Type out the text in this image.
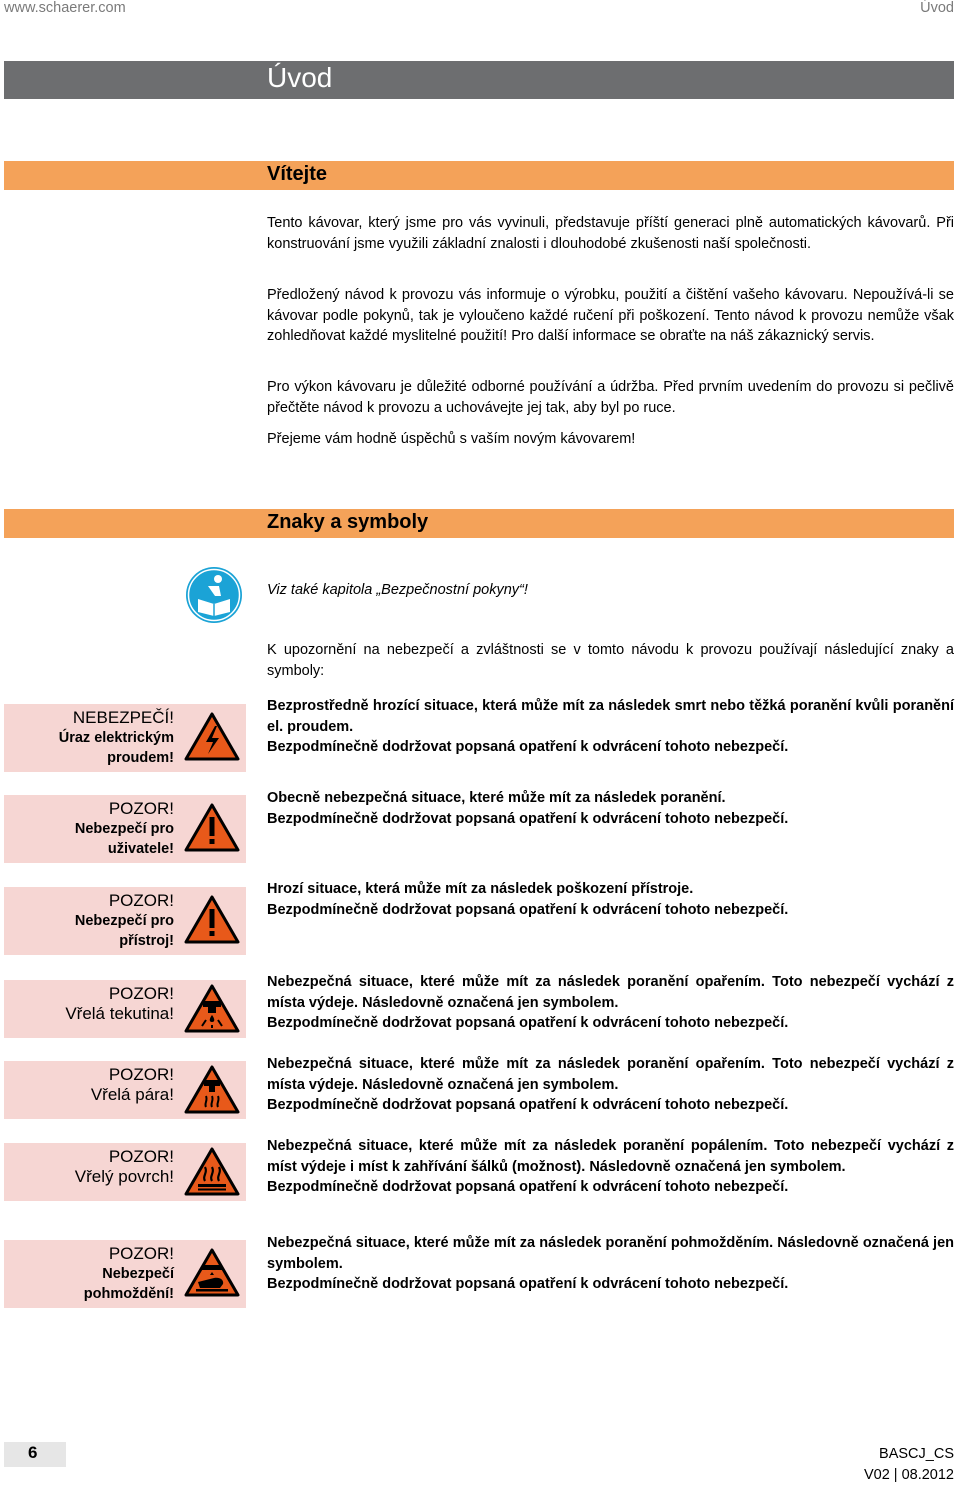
www.schaerer.com	Úvod
Úvod
Vítejte

Tento kávovar, který jsme pro vás vyvinuli, představuje příští generaci plně automatických kávovarů. Při konstruování jsme využili základní znalosti i dlouhodobé zkušenosti naší společnosti.

Předložený návod k provozu vás informuje o výrobku, použití a čištění vašeho kávovaru. Nepoužívá-li se kávovar podle pokynů, tak je vyloučeno každé ručení při poškození. Tento návod k provozu nemůže však zohledňovat každé myslitelné použití! Pro další informace se obraťte na náš zákaznický servis.

Pro výkon kávovaru je důležité odborné používání a údržba. Před prvním uvedením do provozu si pečlivě přečtěte návod k provozu a uchovávejte jej tak, aby byl po ruce.

Přejeme vám hodně úspěchů s vaším novým kávovarem!

Znaky a symboly
Viz také kapitola „Bezpečnostní pokyny“!

K upozornění na nebezpečí a zvláštnosti se v tomto návodu k provozu používají následující znaky a symboly:

NEBEZPEČÍ!
Úraz elektrickým
proudem!

Bezprostředně hrozící situace, která může mít za následek smrt nebo těžká poranění kvůli poranění el. proudem.

Bezpodmínečně dodržovat popsaná opatření k odvrácení tohoto nebezpečí.

POZOR!
Nebezpečí pro
uživatele!

Obecně nebezpečná situace, které může mít za následek poranění.

Bezpodmínečně dodržovat popsaná opatření k odvrácení tohoto nebezpečí.

POZOR!
Nebezpečí pro
přístroj!

Hrozí situace, která může mít za následek poškození přístroje.

Bezpodmínečně dodržovat popsaná opatření k odvrácení tohoto nebezpečí.

POZOR!
Vřelá tekutina!

Nebezpečná situace, které může mít za následek poranění opařením. Toto nebezpečí vychází z místa výdeje. Následovně označená jen symbolem.

Bezpodmínečně dodržovat popsaná opatření k odvrácení tohoto nebezpečí.

POZOR!
Vřelá pára!

Nebezpečná situace, které může mít za následek poranění opařením. Toto nebezpečí vychází z místa výdeje. Následovně označená jen symbolem.

Bezpodmínečně dodržovat popsaná opatření k odvrácení tohoto nebezpečí.

POZOR!
Vřelý povrch!

Nebezpečná situace, které může mít za následek poranění popálením. Toto nebezpečí vychází z míst výdeje i míst k zahřívání šálků (možnost). Následovně označená jen symbolem.

Bezpodmínečně dodržovat popsaná opatření k odvrácení tohoto nebezpečí.

POZOR!
Nebezpečí
pohmoždění!

Nebezpečná situace, které může mít za následek poranění pohmožděním. Následovně označená jen symbolem.

Bezpodmínečně dodržovat popsaná opatření k odvrácení tohoto nebezpečí.

6	BASCJ_CS
V02 | 08.2012
